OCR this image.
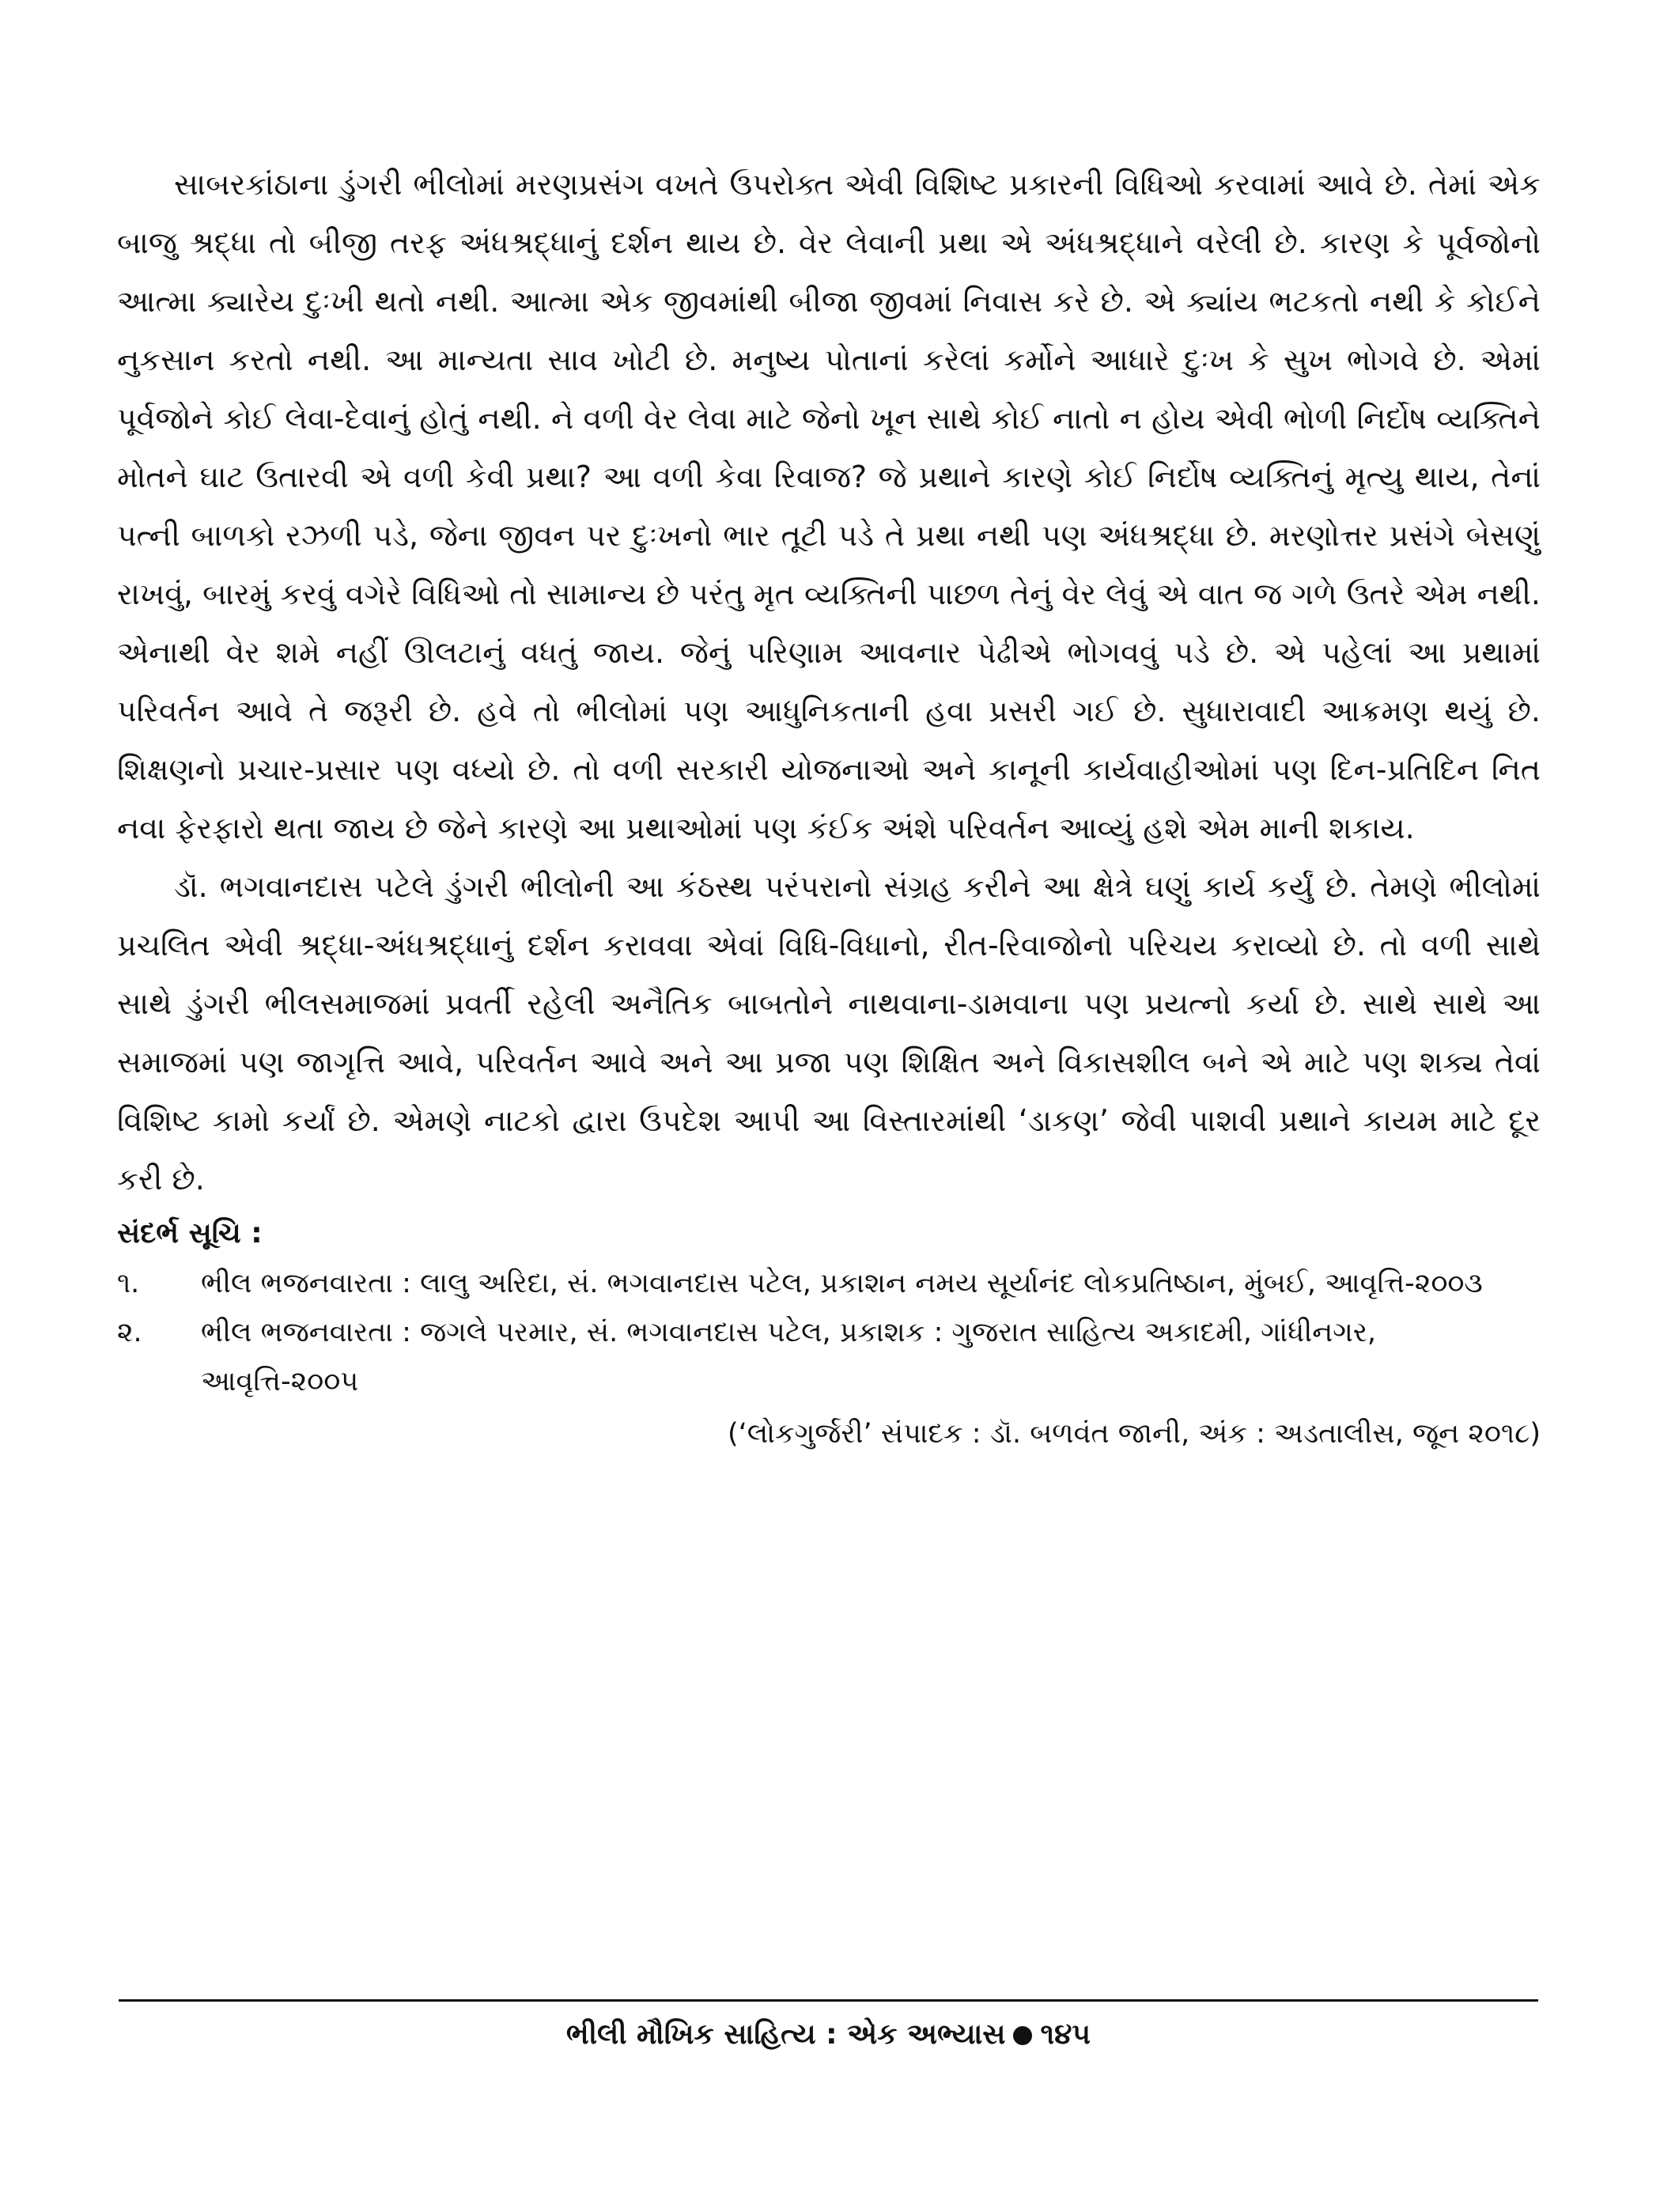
સાબરકાંઠાના ડુંગરી ભીલોમાં મરણપ્રસંગ વખતે ઉપરોક્ત એવી વિશિષ્ટ પ્રકારની વિધિઓ કરવામાં આવે છે. તેમાં એક બાજુ શ્રદ્ધા તો બીજી તરફ અંધશ્રદ્ધાનું દર્શન થાય છે. વેર લેવાની પ્રથા એ અંધશ્રદ્ધાને વરેલી છે. કારણ કે પૂર્વજોનો આત્મા ક્યારેય દુઃખી થતો નથી. આત્મા એક જીવમાંથી બીજા જીવમાં નિવાસ કરે છે. એ ક્યાંય ભટકતો નથી કે કોઈને નુકસાન કરતો નથી. આ માન્યતા સાવ ખોટી છે. મનુષ્ય પોતાનાં કરેલાં કર્મોને આધારે દુઃખ કે સુખ ભોગવે છે. એમાં પૂર્વજોને કોઈ લેવા-દેવાનું હોતું નથી. ને વળી વેર લેવા માટે જેનો ખૂન સાથે કોઈ નાતો ન હોય એવી ભોળી નિર્દોષ વ્યક્તિને મોતને ઘાટ ઉતારવી એ વળી કેવી પ્રથા? આ વળી કેવા રિવાજ? જે પ્રથાને કારણે કોઈ નિર્દોષ વ્યક્તિનું મૃત્યુ થાય, તેનાં પત્ની બાળકો રઝળી પડે, જેના જીવન પર દુઃખનો ભાર તૂટી પડે તે પ્રથા નથી પણ અંધશ્રદ્ધા છે. મરણોત્તર પ્રસંગે બેસણું રાખવું, બારમું કરવું વગેરે વિધિઓ તો સામાન્ય છે પરંતુ મૃત વ્યક્તિની પાછળ તેનું વેર લેવું એ વાત જ ગળે ઉતરે એમ નથી. એનાથી વેર શમે નહીં ઊલટાનું વધતું જાય. જેનું પરિણામ આવનાર પેઢીએ ભોગવવું પડે છે. એ પહેલાં આ પ્રથામાં પરિવર્તન આવે તે જરૂરી છે. હવે તો ભીલોમાં પણ આધુનિકતાની હવા પ્રસરી ગઈ છે. સુધારાવાદી આક્રમણ થયું છે. શિક્ષણનો પ્રચાર-પ્રસાર પણ વધ્યો છે. તો વળી સરકારી યોજનાઓ અને કાનૂની કાર્યવાહીઓમાં પણ દિન-પ્રતિદિન નિત નવા ફેરફારો થતા જાય છે જેને કારણે આ પ્રથાઓમાં પણ કંઈક અંશે પરિવર્તન આવ્યું હશે એમ માની શકાય.

ડૉ. ભગવાનદાસ પટેલે ડુંગરી ભીલોની આ કંઠસ્થ પરંપરાનો સંગ્રહ કરીને આ ક્ષેત્રે ઘણું કાર્ય કર્યું છે. તેમણે ભીલોમાં પ્રચલિત એવી શ્રદ્ધા-અંધશ્રદ્ધાનું દર્શન કરાવવા એવાં વિધિ-વિધાનો, રીત-રિવાજોનો પરિચય કરાવ્યો છે. તો વળી સાથે સાથે ડુંગરી ભીલસમાજમાં પ્રવર્તી રહેલી અનૈતિક બાબતોને નાથવાના-ડામવાના પણ પ્રયત્નો કર્યા છે. સાથે સાથે આ સમાજમાં પણ જાગૃત્તિ આવે, પરિવર્તન આવે અને આ પ્રજા પણ શિક્ષિત અને વિકાસશીલ બને એ માટે પણ શક્ય તેવાં વિશિષ્ટ કામો કર્યાં છે. એમણે નાટકો દ્વારા ઉપદેશ આપી આ વિસ્તારમાંથી ‘ડાકણ’ જેવી પાશવી પ્રથાને કાયમ માટે દૂર કરી છે.

સંદર્ભ સૂચિ :

૧.	ભીલ ભજનવારતા : લાલુ અરિદા, સં. ભગવાનદાસ પટેલ, પ્રકાશન નમય સૂર્યાનંદ લોકપ્રતિષ્ઠાન, મુંબઈ, આવૃત્તિ-૨૦૦૩
૨.	ભીલ ભજનવારતા : જગલે પરમાર, સં. ભગવાનદાસ પટેલ, પ્રકાશક : ગુજરાત સાહિત્ય અકાદમી, ગાંધીનગર, આવૃત્તિ-૨૦૦૫

(‘લોકગુર્જરી’ સંપાદક : ડૉ. બળવંત જાની, અંક : અડતાલીસ, જૂન ૨૦૧૮)

ભીલી મૌખિક સાહિત્ય : એક અભ્યાસ ૧૪૫
